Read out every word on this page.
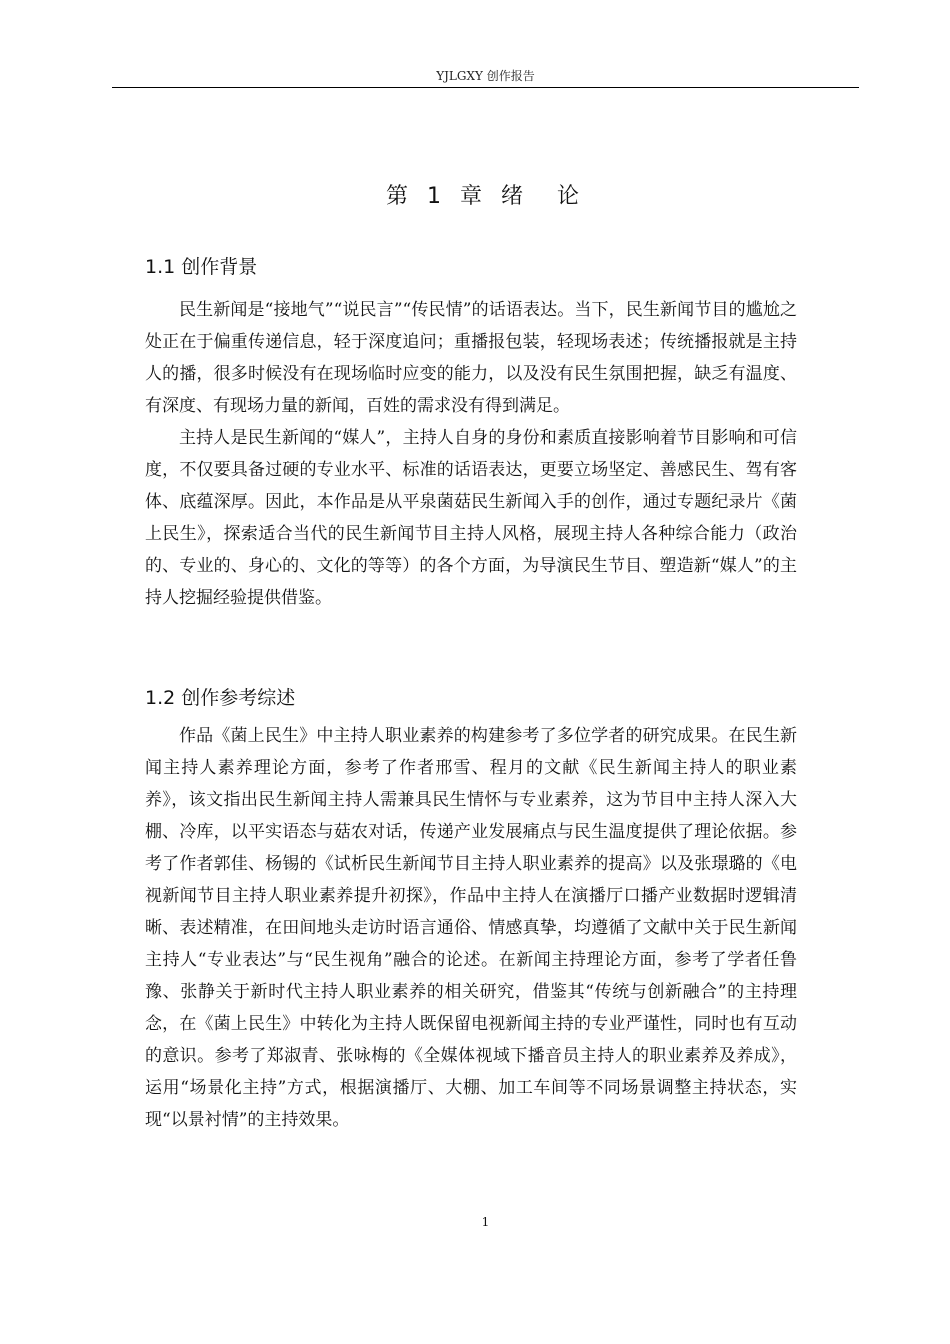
YJLGXY 创作报告
第 1 章 绪　论
1.1 创作背景

民生新闻是“接地气”“说民言”“传民情”的话语表达。当下，民生新闻节目的尴尬之处正在于偏重传递信息，轻于深度追问；重播报包装，轻现场表述；传统播报就是主持人的播，很多时候没有在现场临时应变的能力，以及没有民生氛围把握，缺乏有温度、有深度、有现场力量的新闻，百姓的需求没有得到满足。

主持人是民生新闻的“媒人”，主持人自身的身份和素质直接影响着节目影响和可信度，不仅要具备过硬的专业水平、标准的话语表达，更要立场坚定、善感民生、驾有客体、底蕴深厚。因此，本作品是从平泉菌菇民生新闻入手的创作，通过专题纪录片《菌上民生》，探索适合当代的民生新闻节目主持人风格，展现主持人各种综合能力（政治的、专业的、身心的、文化的等等）的各个方面，为导演民生节目、塑造新“媒人”的主持人挖掘经验提供借鉴。

1.2 创作参考综述

作品《菌上民生》中主持人职业素养的构建参考了多位学者的研究成果。在民生新闻主持人素养理论方面，参考了作者邢雪、程月的文献《民生新闻主持人的职业素养》，该文指出民生新闻主持人需兼具民生情怀与专业素养，这为节目中主持人深入大棚、冷库，以平实语态与菇农对话，传递产业发展痛点与民生温度提供了理论依据。参考了作者郭佳、杨锡的《试析民生新闻节目主持人职业素养的提高》以及张璟璐的《电视新闻节目主持人职业素养提升初探》，作品中主持人在演播厅口播产业数据时逻辑清晰、表述精准，在田间地头走访时语言通俗、情感真挚，均遵循了文献中关于民生新闻主持人“专业表达”与“民生视角”融合的论述。在新闻主持理论方面，参考了学者任鲁豫、张静关于新时代主持人职业素养的相关研究，借鉴其“传统与创新融合”的主持理念，在《菌上民生》中转化为主持人既保留电视新闻主持的专业严谨性，同时也有互动的意识。参考了郑淑青、张咏梅的《全媒体视域下播音员主持人的职业素养及养成》，运用“场景化主持”方式，根据演播厅、大棚、加工车间等不同场景调整主持状态，实现“以景衬情”的主持效果。

1
